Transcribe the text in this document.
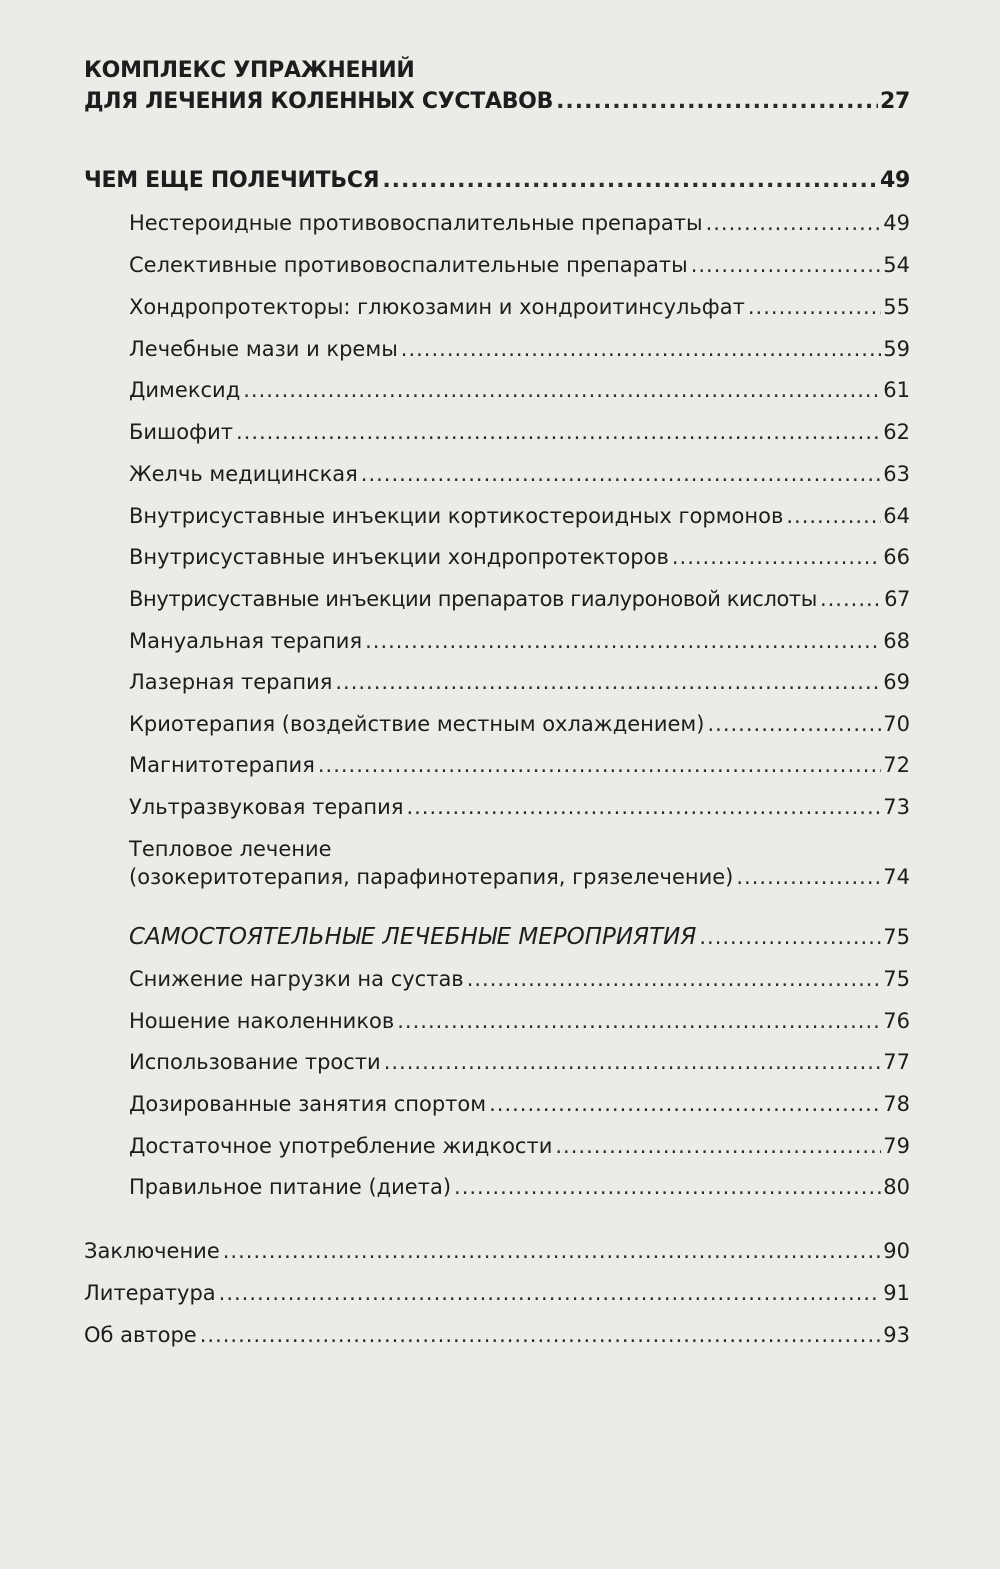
КОМПЛЕКС УПРАЖНЕНИЙ
ДЛЯ ЛЕЧЕНИЯ КОЛЕННЫХ СУСТАВОВ .....	27
ЧЕМ ЕЩЕ ПОЛЕЧИТЬСЯ .....	49
Нестероидные противовоспалительные препараты .....	49
Селективные противовоспалительные препараты .....	54
Хондропротекторы: глюкозамин и хондроитинсульфат .....	55
Лечебные мази и кремы .....	59
Димексид .....	61
Бишофит .....	62
Желчь медицинская .....	63
Внутрисуставные инъекции кортикостероидных гормонов .....	64
Внутрисуставные инъекции хондропротекторов .....	66
Внутрисуставные инъекции препаратов гиалуроновой кислоты .....	67
Мануальная терапия .....	68
Лазерная терапия .....	69
Криотерапия (воздействие местным охлаждением) .....	70
Магнитотерапия .....	72
Ультразвуковая терапия .....	73
Тепловое лечение
(озокеритотерапия, парафинотерапия, грязелечение) .....	74
САМОСТОЯТЕЛЬНЫЕ ЛЕЧЕБНЫЕ МЕРОПРИЯТИЯ .....	75
Снижение нагрузки на сустав .....	75
Ношение наколенников .....	76
Использование трости .....	77
Дозированные занятия спортом .....	78
Достаточное употребление жидкости .....	79
Правильное питание (диета) .....	80
Заключение .....	90
Литература .....	91
Об авторе .....	93
